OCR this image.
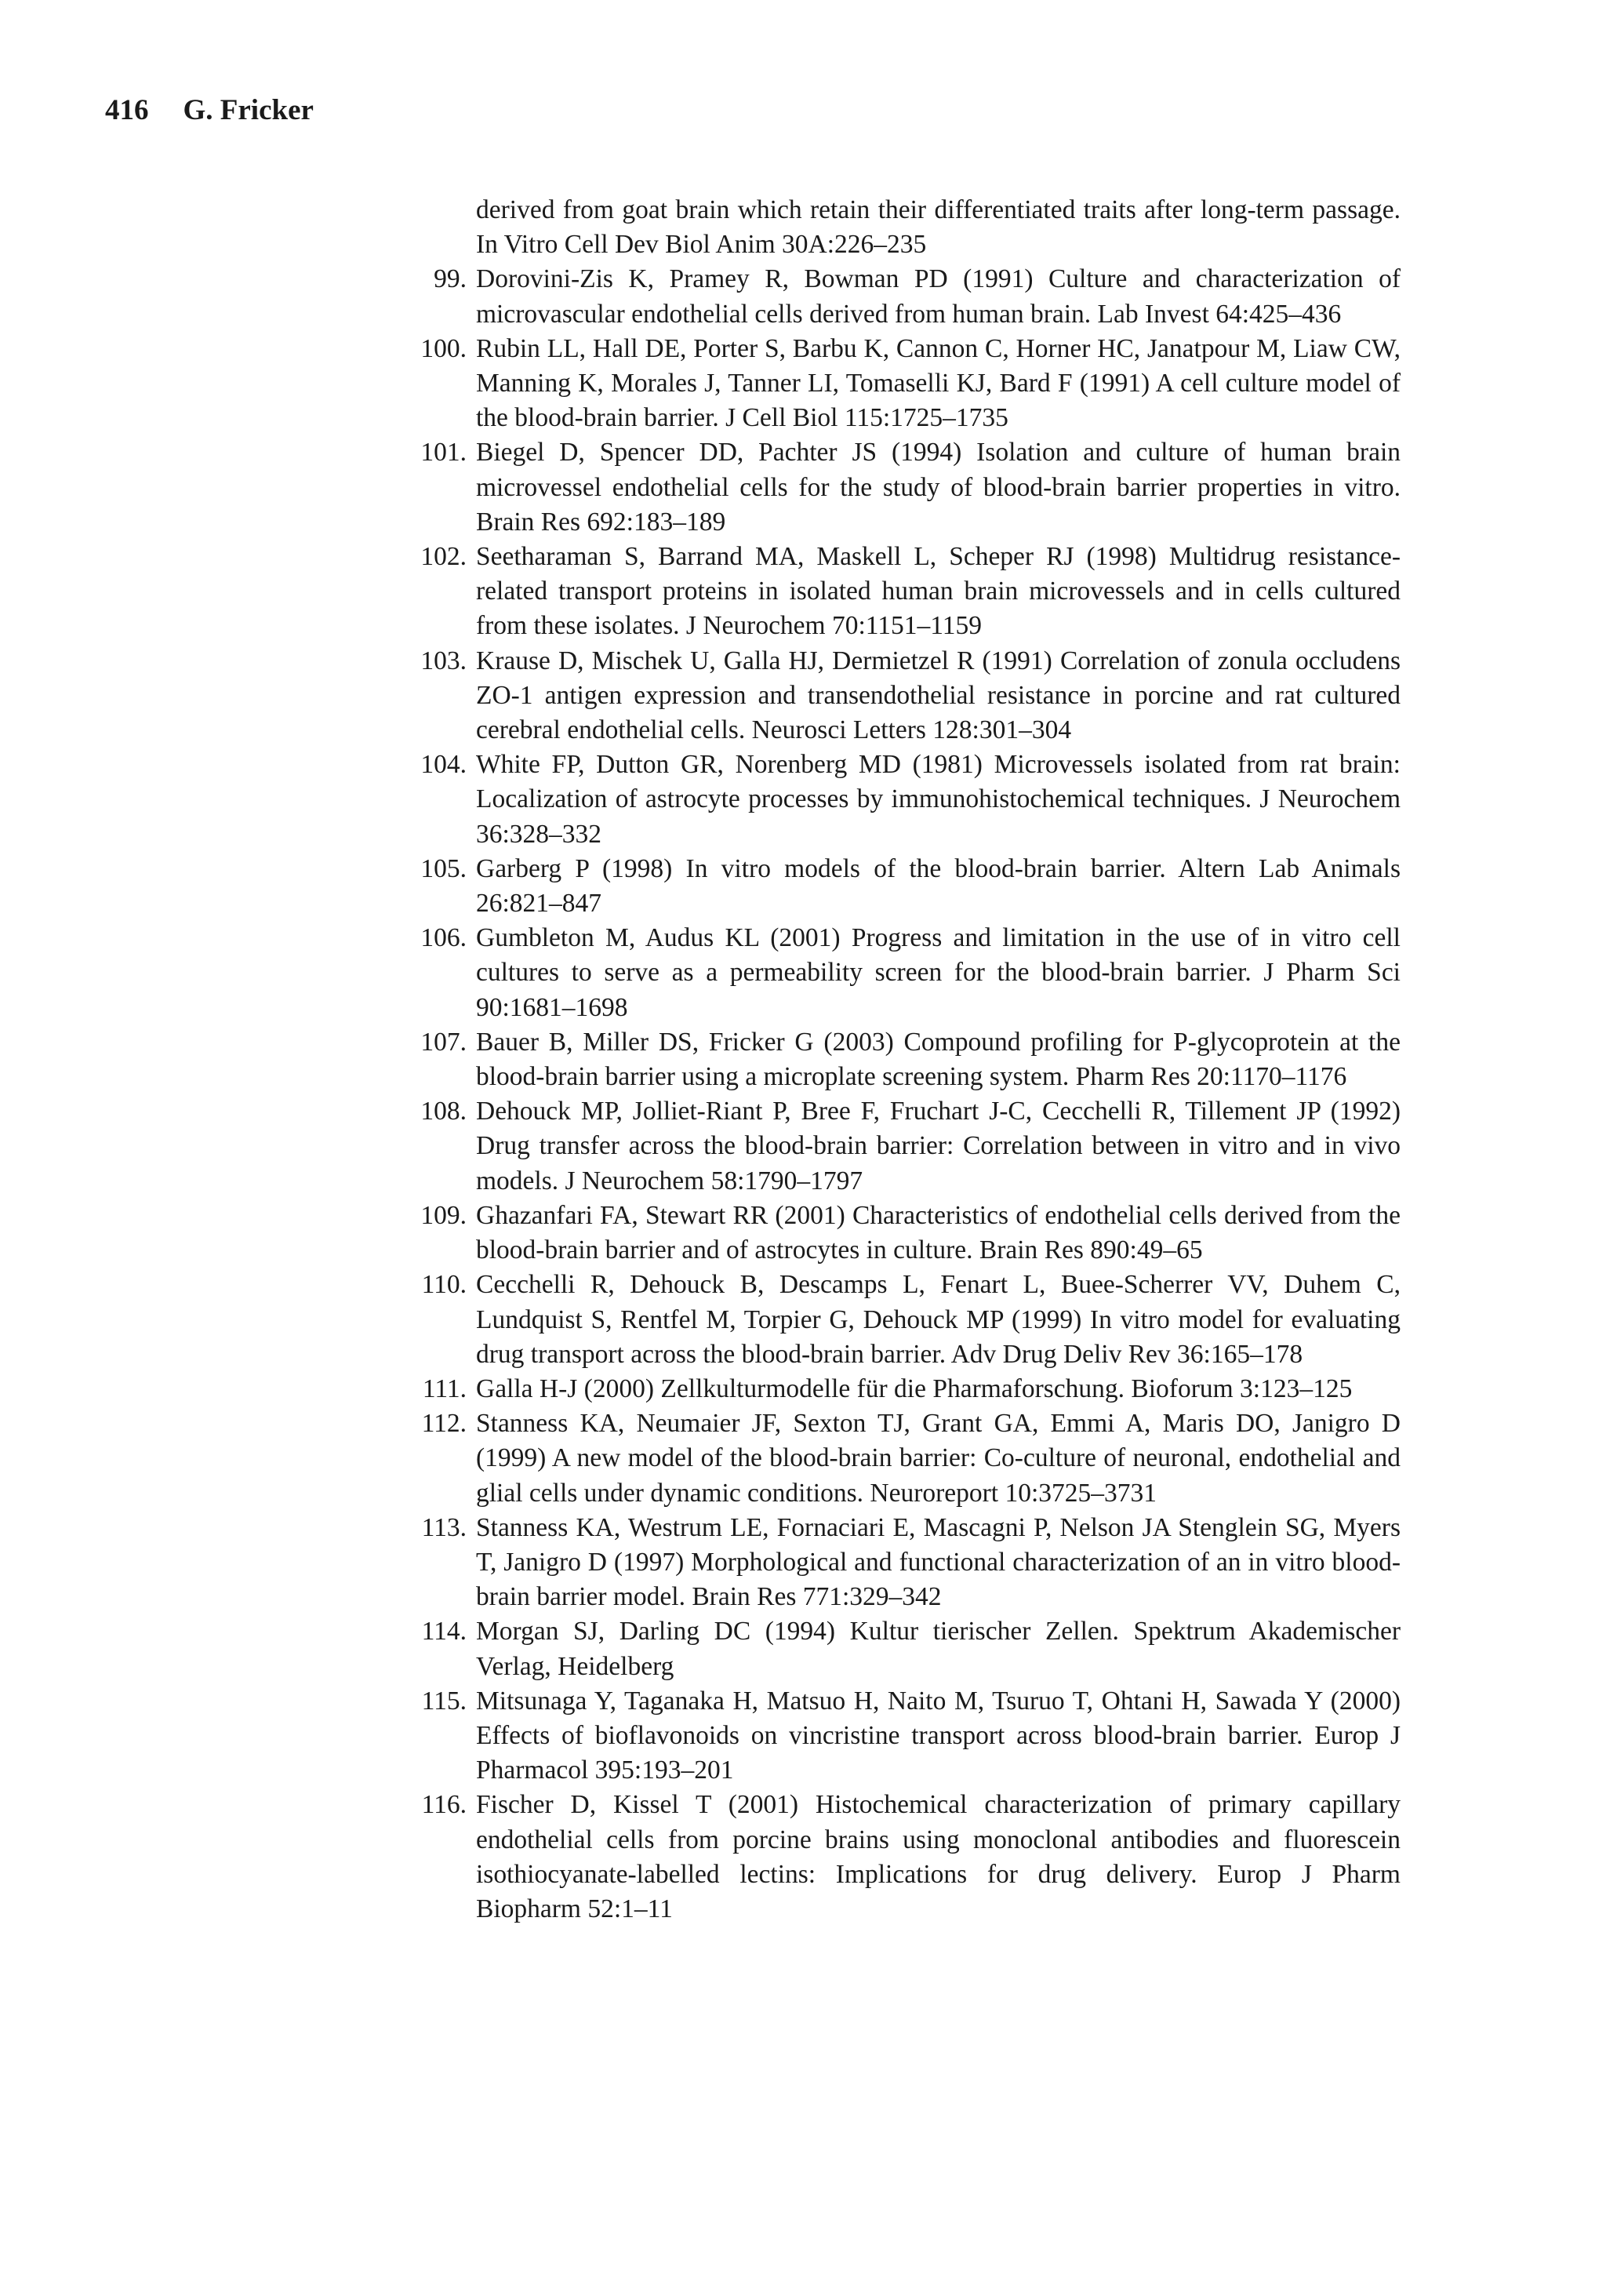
416 G. Fricker
derived from goat brain which retain their differentiated traits after long-term passage. In Vitro Cell Dev Biol Anim 30A:226–235
99. Dorovini-Zis K, Pramey R, Bowman PD (1991) Culture and characterization of microvascular endothelial cells derived from human brain. Lab Invest 64:425–436
100. Rubin LL, Hall DE, Porter S, Barbu K, Cannon C, Horner HC, Janatpour M, Liaw CW, Manning K, Morales J, Tanner LI, Tomaselli KJ, Bard F (1991) A cell culture model of the blood-brain barrier. J Cell Biol 115:1725–1735
101. Biegel D, Spencer DD, Pachter JS (1994) Isolation and culture of human brain microvessel endothelial cells for the study of blood-brain barrier properties in vitro. Brain Res 692:183–189
102. Seetharaman S, Barrand MA, Maskell L, Scheper RJ (1998) Multidrug resistance-related transport proteins in isolated human brain microvessels and in cells cultured from these isolates. J Neurochem 70:1151–1159
103. Krause D, Mischek U, Galla HJ, Dermietzel R (1991) Correlation of zonula occludens ZO-1 antigen expression and transendothelial resistance in porcine and rat cultured cerebral endothelial cells. Neurosci Letters 128:301–304
104. White FP, Dutton GR, Norenberg MD (1981) Microvessels isolated from rat brain: Localization of astrocyte processes by immunohistochemical techniques. J Neurochem 36:328–332
105. Garberg P (1998) In vitro models of the blood-brain barrier. Altern Lab Animals 26:821–847
106. Gumbleton M, Audus KL (2001) Progress and limitation in the use of in vitro cell cultures to serve as a permeability screen for the blood-brain barrier. J Pharm Sci 90:1681–1698
107. Bauer B, Miller DS, Fricker G (2003) Compound profiling for P-glycoprotein at the blood-brain barrier using a microplate screening system. Pharm Res 20:1170–1176
108. Dehouck MP, Jolliet-Riant P, Bree F, Fruchart J-C, Cecchelli R, Tillement JP (1992) Drug transfer across the blood-brain barrier: Correlation between in vitro and in vivo models. J Neurochem 58:1790–1797
109. Ghazanfari FA, Stewart RR (2001) Characteristics of endothelial cells derived from the blood-brain barrier and of astrocytes in culture. Brain Res 890:49–65
110. Cecchelli R, Dehouck B, Descamps L, Fenart L, Buee-Scherrer VV, Duhem C, Lundquist S, Rentfel M, Torpier G, Dehouck MP (1999) In vitro model for evaluating drug transport across the blood-brain barrier. Adv Drug Deliv Rev 36:165–178
111. Galla H-J (2000) Zellkulturmodelle für die Pharmaforschung. Bioforum 3:123–125
112. Stanness KA, Neumaier JF, Sexton TJ, Grant GA, Emmi A, Maris DO, Janigro D (1999) A new model of the blood-brain barrier: Co-culture of neuronal, endothelial and glial cells under dynamic conditions. Neuroreport 10:3725–3731
113. Stanness KA, Westrum LE, Fornaciari E, Mascagni P, Nelson JA Stenglein SG, Myers T, Janigro D (1997) Morphological and functional characterization of an in vitro blood-brain barrier model. Brain Res 771:329–342
114. Morgan SJ, Darling DC (1994) Kultur tierischer Zellen. Spektrum Akademischer Verlag, Heidelberg
115. Mitsunaga Y, Taganaka H, Matsuo H, Naito M, Tsuruo T, Ohtani H, Sawada Y (2000) Effects of bioflavonoids on vincristine transport across blood-brain barrier. Europ J Pharmacol 395:193–201
116. Fischer D, Kissel T (2001) Histochemical characterization of primary capillary endothelial cells from porcine brains using monoclonal antibodies and fluorescein isothiocyanate-labelled lectins: Implications for drug delivery. Europ J Pharm Biopharm 52:1–11
